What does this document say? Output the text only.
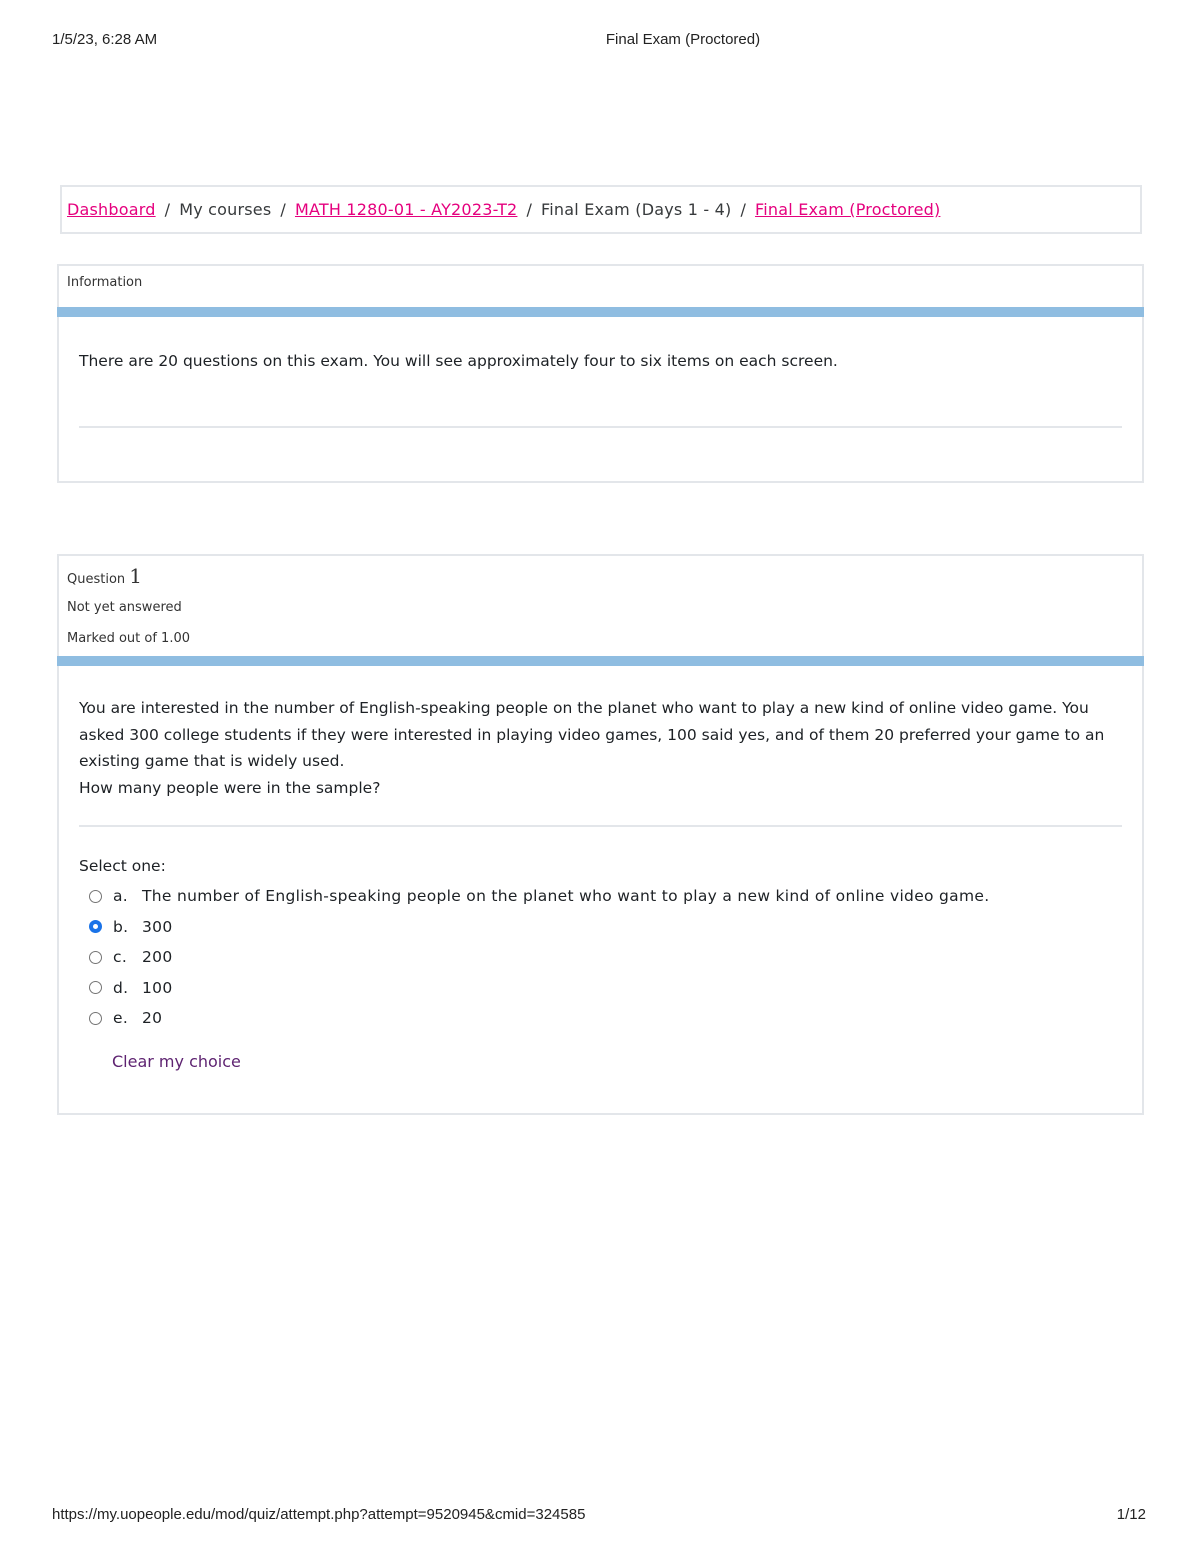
1/5/23, 6:28 AM	Final Exam (Proctored)
Dashboard / My courses / MATH 1280-01 - AY2023-T2 / Final Exam (Days 1 - 4) / Final Exam (Proctored)
Information
There are 20 questions on this exam. You will see approximately four to six items on each screen.
Question 1
Not yet answered
Marked out of 1.00
You are interested in the number of English-speaking people on the planet who want to play a new kind of online video game. You asked 300 college students if they were interested in playing video games, 100 said yes, and of them 20 preferred your game to an existing game that is widely used.
How many people were in the sample?
Select one:
a. The number of English-speaking people on the planet who want to play a new kind of online video game.
b. 300
c. 200
d. 100
e. 20
Clear my choice
https://my.uopeople.edu/mod/quiz/attempt.php?attempt=9520945&cmid=324585	1/12
